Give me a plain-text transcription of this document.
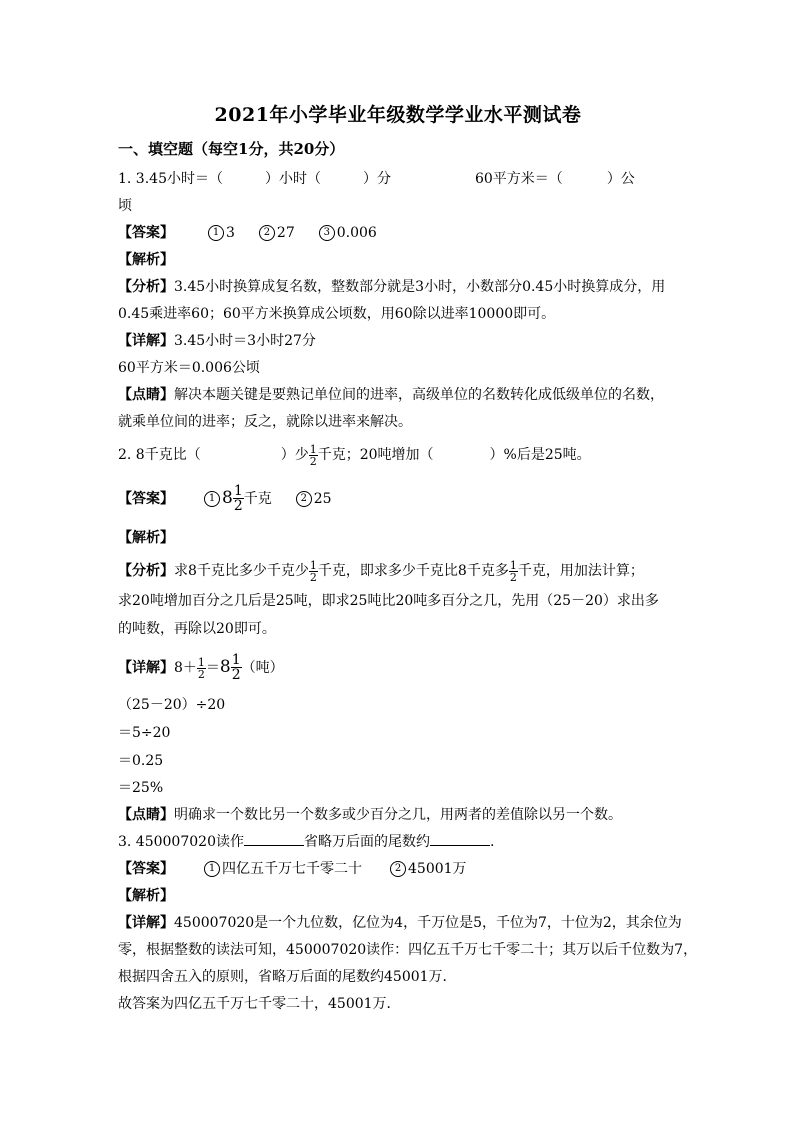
2021年小学毕业年级数学学业水平测试卷
一、填空题（每空1分，共20分）
1. 3.45小时＝（	）小时（	）分	60平方米＝（	）公
顷
【答案】	1 3	2 27	3 0.006
【解析】
【分析】3.45小时换算成复名数，整数部分就是3小时，小数部分0.45小时换算成分，用
0.45乘进率60；60平方米换算成公顷数，用60除以进率10000即可。
【详解】3.45小时＝3小时27分
60平方米＝0.006公顷
【点睛】解决本题关键是要熟记单位间的进率，高级单位的名数转化成低级单位的名数，
就乘单位间的进率；反之，就除以进率来解决。
2. 8千克比（	）少 $\frac{1}{2}$ 千克；20吨增加（	）%后是25吨。
【答案】	1 $8 \frac{1}{2}$ 千克	2 25
【解析】
【分析】求8千克比多少千克少 $\frac{1}{2}$ 千克，即求多少千克比8千克多 $\frac{1}{2}$ 千克，用加法计算；
求20吨增加百分之几后是25吨，即求25吨比20吨多百分之几，先用（25－20）求出多
的吨数，再除以20即可。
【详解】$8+ \frac{1}{2} = 8 \frac{1}{2}$ （吨）
（25－20）÷20
＝5÷20
＝0.25
＝25%
【点睛】明确求一个数比另一个数多或少百分之几，用两者的差值除以另一个数。
3. 450007020读作	省略万后面的尾数约	.
【答案】	1 四亿五千万七千零二十	2 45001万
【解析】
【详解】450007020是一个九位数，亿位为4，千万位是5，千位为7，十位为2，其余位为
零，根据整数的读法可知，450007020读作：四亿五千万七千零二十；其万以后千位数为7，
根据四舍五入的原则，省略万后面的尾数约45001万．
故答案为四亿五千万七千零二十，45001万．
